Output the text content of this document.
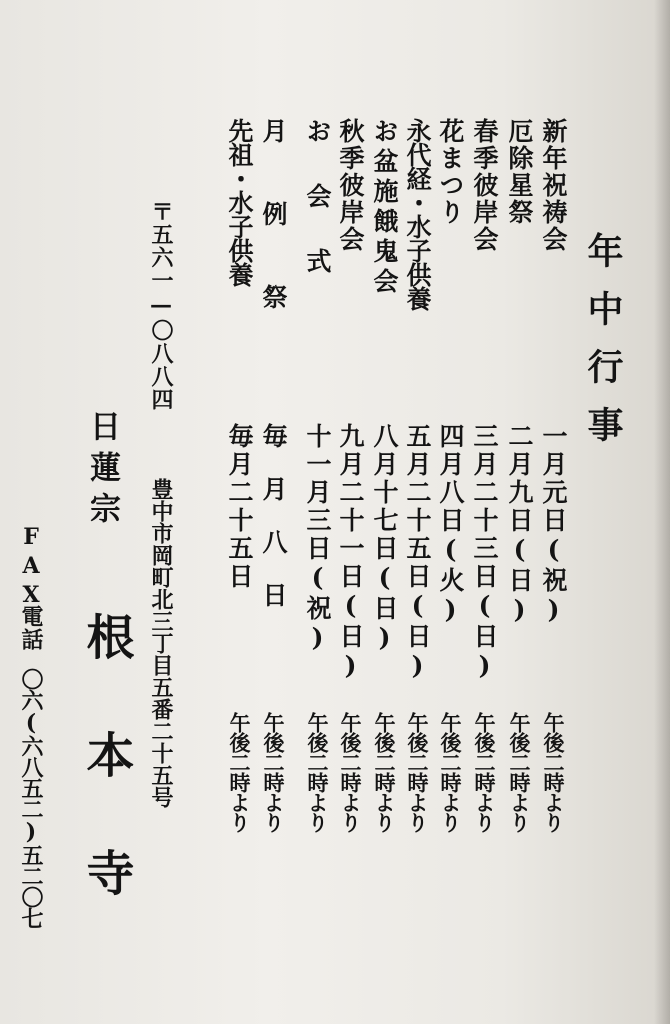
年中行事
新年祝祷会
一月元日(祝)
午後二時より
厄除星祭
二月九日(日)
午後二時より
春季彼岸会
三月二十三日(日)
午後二時より
花まつり
四月八日(火)
午後二時より
永代経・水子供養
五月二十五日(日)
午後二時より
お盆施餓鬼会
八月十七日(日)
午後二時より
秋季彼岸会
九月二十一日(日)
午後二時より
お会式
十一月三日(祝)
午後二時より
月例祭
毎月八日
午後二時より
先祖・水子供養
毎月二十五日
午後二時より
〒五六一—〇八八四
豊中市岡町北三丁目五番二十五号
日蓮宗
根本寺
FAX
電話
〇六(六八五二)五二〇七
